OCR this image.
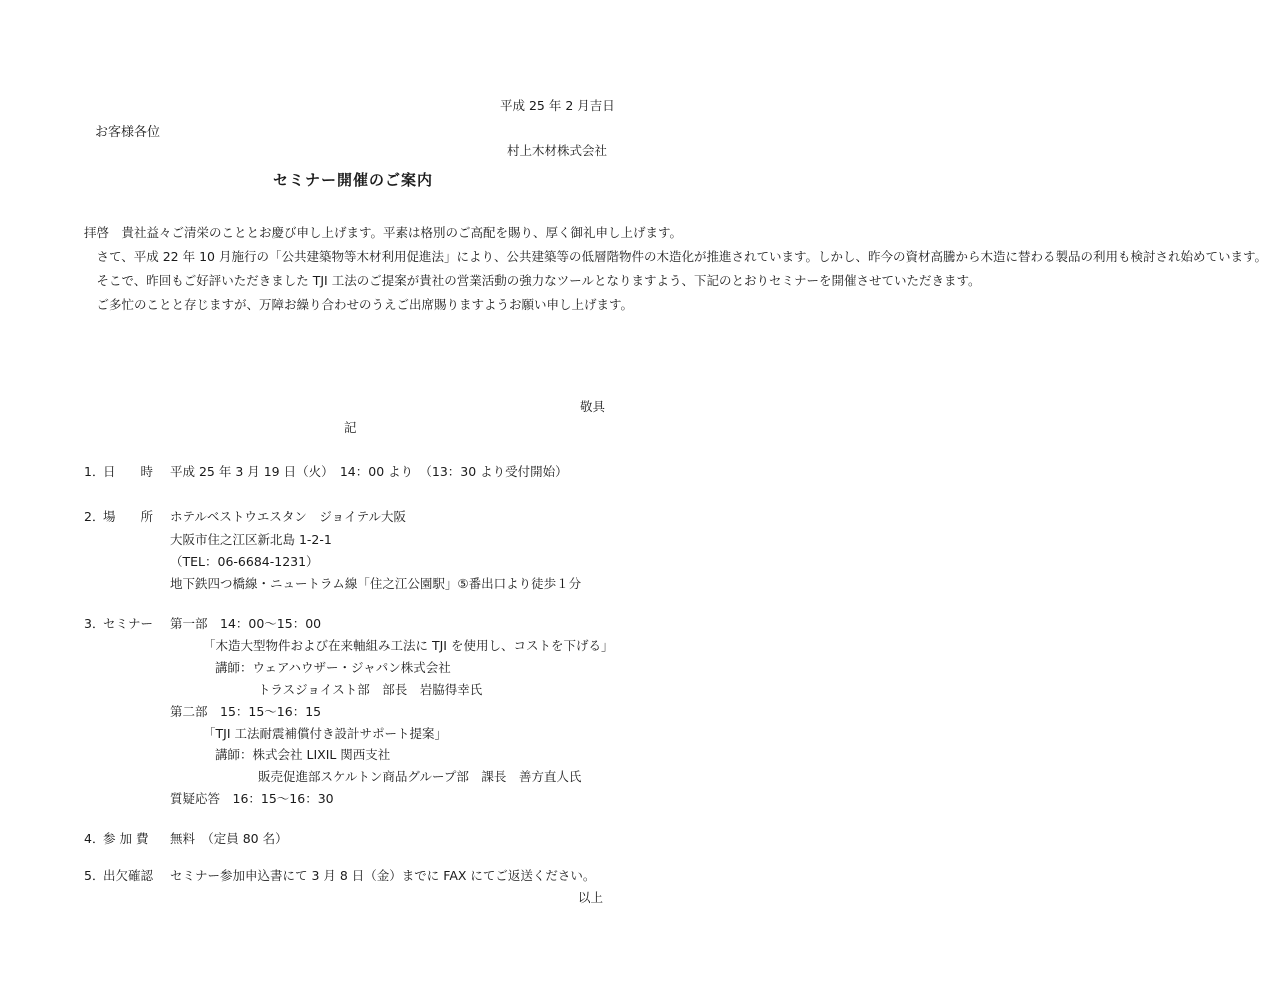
平成 25 年 2 月吉日
お客様各位
村上木材株式会社
セミナー開催のご案内

拝啓　貴社益々ご清栄のこととお慶び申し上げます。平素は格別のご高配を賜り、厚く御礼申し上げます。

さて、平成 22 年 10 月施行の「公共建築物等木材利用促進法」により、公共建築等の低層階物件の木造化が推進されています。しかし、昨今の資材高騰から木造に替わる製品の利用も検討され始めています。

そこで、昨回もご好評いただきました TJI 工法のご提案が貴社の営業活動の強力なツールとなりますよう、下記のとおりセミナーを開催させていただきます。

ご多忙のことと存じますが、万障お繰り合わせのうえご出席賜りますようお願い申し上げます。

敬具
記
1．
日　　時 平成 25 年 3 月 19 日（火）　14：00 より　（13：30 より受付開始）
2．
場　　所 ホテルベストウエスタン　ジョイテル大阪
大阪市住之江区新北島 1-2-1
（TEL：06-6684-1231）
地下鉄四つ橋線・ニュートラム線「住之江公園駅」⑤番出口より徒歩１分
3．
セミナー 第一部　14：00～15：00
「木造大型物件および在来軸組み工法に TJI を使用し、コストを下げる」
講師：ウェアハウザー・ジャパン株式会社
トラスジョイスト部　部長　岩脇得幸氏
第二部　15：15～16：15
「TJI 工法耐震補償付き設計サポート提案」
講師：株式会社 LIXIL 関西支社
販売促進部スケルトン商品グループ部　課長　善方直人氏
質疑応答　16：15～16：30
4．
参 加 費 無料　（定員 80 名）
5．
出欠確認 セミナー参加申込書にて 3 月 8 日（金）までに FAX にてご返送ください。
以上
